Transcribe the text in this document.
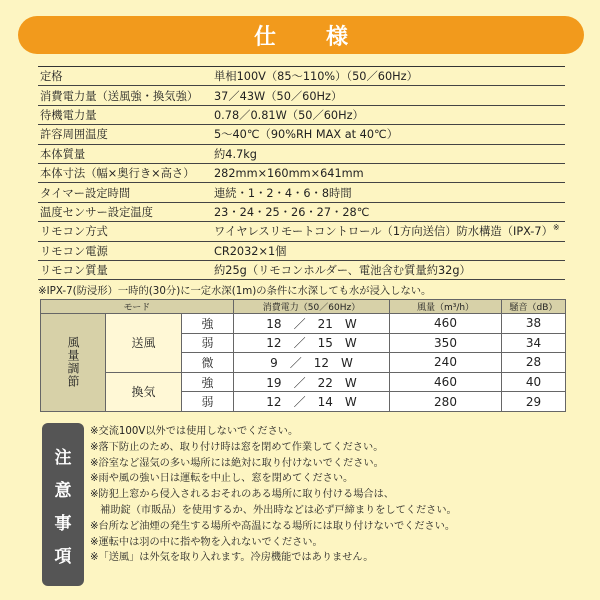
仕　様
定格	単相100V（85～110%）（50／60Hz）
消費電力量（送風強・換気強）	37／43W（50／60Hz）
待機電力量	0.78／0.81W（50／60Hz）
許容周囲温度	5～40℃（90%RH MAX at 40℃）
本体質量	約4.7kg
本体寸法（幅×奥行き×高さ）	282mm×160mm×641mm
タイマー設定時間	連続・1・2・4・6・8時間
温度センサー設定温度	23・24・25・26・27・28℃
リモコン方式	ワイヤレスリモートコントロール（1方向送信）防水構造（IPX-7）※
リモコン電源	CR2032×1個
リモコン質量	約25g（リモコンホルダー、電池含む質量約32g）
※IPX-7(防浸形）一時的(30分)に一定水深(1m)の条件に水深しても水が浸入しない。
モード			消費電力（50／60Hz）	風量（m³/h）	騒音（dB）
風量調節	送風	強	18　／　21　W	460	38
		弱	12　／　15　W	350	34
		微	9　／　12　W	240	28
	換気	強	19　／　22　W	460	40
		弱	12　／　14　W	280	29
注
意
事
項
※交流100V以外では使用しないでください。
※落下防止のため、取り付け時は窓を閉めて作業してください。
※浴室など湿気の多い場所には絶対に取り付けないでください。
※雨や風の強い日は運転を中止し、窓を閉めてください。
※防犯上窓から侵入されるおそれのある場所に取り付ける場合は、
　補助錠（市販品）を使用するか、外出時などは必ず戸締まりをしてください。
※台所など油煙の発生する場所や高温になる場所には取り付けないでください。
※運転中は羽の中に指や物を入れないでください。
※「送風」は外気を取り入れます。冷房機能ではありません。
